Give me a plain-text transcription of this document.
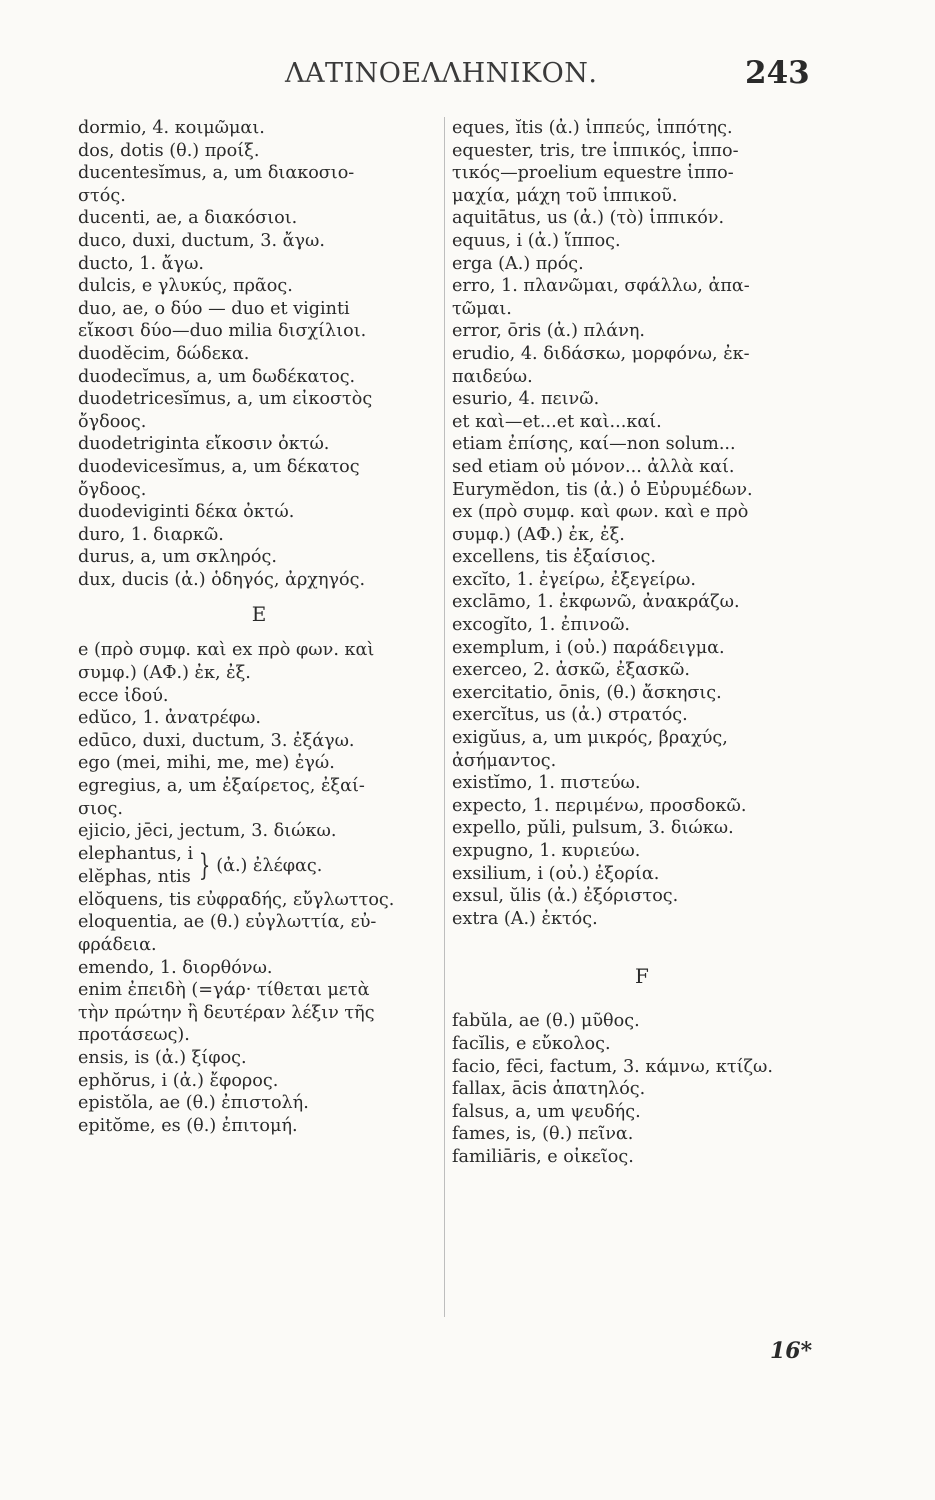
ΛΑΤΙΝΟΕΛΛΗΝΙΚΟΝ.	243
dormio, 4. κοιμῶμαι.
dos, dotis (θ.) προίξ.
ducentesĭmus, a, um διακοσιο-
στός.
ducenti, ae, a διακόσιοι.
duco, duxi, ductum, 3. ἄγω.
ducto, 1. ἄγω.
dulcis, e γλυκύς, πρᾶος.
duo, ae, o δύο — duo et viginti
εἴκοσι δύο—duo milia δισχίλιοι.
duodĕcim, δώδεκα.
duodecĭmus, a, um δωδέκατος.
duodetricesĭmus, a, um εἰκοστὸς
ὄγδοος.
duodetriginta εἴκοσιν ὀκτώ.
duodevicesĭmus, a, um δέκατος
ὄγδοος.
duodeviginti δέκα ὀκτώ.
duro, 1. διαρκῶ.
durus, a, um σκληρός.
dux, ducis (ἀ.) ὁδηγός, ἀρχηγός.
E
e (πρὸ συμφ. καὶ ex πρὸ φων. καὶ
συμφ.) (ΑΦ.) ἐκ, ἐξ.
ecce ἰδού.
edŭco, 1. ἀνατρέφω.
edūco, duxi, ductum, 3. ἐξάγω.
ego (mei, mihi, me, me) ἐγώ.
egregius, a, um ἐξαίρετος, ἐξαί-
σιος.
ejicio, jēci, jectum, 3. διώκω.
elephantus, i
elĕphas, ntis } (ἀ.) ἐλέφας.
elŏquens, tis εὐφραδής, εὔγλωττος.
eloquentia, ae (θ.) εὐγλωττία, εὐ-
φράδεια.
emendo, 1. διορθόνω.
enim ἐπειδὴ (=γάρ· τίθεται μετὰ
τὴν πρώτην ἢ δευτέραν λέξιν τῆς
προτάσεως).
ensis, is (ἀ.) ξίφος.
ephŏrus, i (ἀ.) ἔφορος.
epistŏla, ae (θ.) ἐπιστολή.
epitŏme, es (θ.) ἐπιτομή.
eques, ĭtis (ἀ.) ἱππεύς, ἱππότης.
equester, tris, tre ἱππικός, ἱππο-
τικός—proelium equestre ἱππο-
μαχία, μάχη τοῦ ἱππικοῦ.
aquitātus, us (ἀ.) (τὸ) ἱππικόν.
equus, i (ἀ.) ἵππος.
erga (Α.) πρός.
erro, 1. πλανῶμαι, σφάλλω, ἀπα-
τῶμαι.
error, ōris (ἀ.) πλάνη.
erudio, 4. διδάσκω, μορφόνω, ἐκ-
παιδεύω.
esurio, 4. πεινῶ.
et καὶ—et...et καὶ...καί.
etiam ἐπίσης, καί—non solum...
sed etiam οὐ μόνον... ἀλλὰ καί.
Eurymĕdon, tis (ἀ.) ὁ Εὐρυμέδων.
ex (πρὸ συμφ. καὶ φων. καὶ e πρὸ
συμφ.) (ΑΦ.) ἐκ, ἐξ.
excellens, tis ἐξαίσιος.
excĭto, 1. ἐγείρω, ἐξεγείρω.
exclāmo, 1. ἐκφωνῶ, ἀνακράζω.
excogĭto, 1. ἐπινοῶ.
exemplum, i (οὐ.) παράδειγμα.
exerceo, 2. ἀσκῶ, ἐξασκῶ.
exercitatio, ōnis, (θ.) ἄσκησις.
exercĭtus, us (ἀ.) στρατός.
exigŭus, a, um μικρός, βραχύς,
ἀσήμαντος.
existĭmo, 1. πιστεύω.
expecto, 1. περιμένω, προσδοκῶ.
expello, pŭli, pulsum, 3. διώκω.
expugno, 1. κυριεύω.
exsilium, i (οὐ.) ἐξορία.
exsul, ŭlis (ἀ.) ἐξόριστος.
extra (Α.) ἐκτός.
F
fabŭla, ae (θ.) μῦθος.
facĭlis, e εὔκολος.
facio, fēci, factum, 3. κάμνω, κτίζω.
fallax, ācis ἀπατηλός.
falsus, a, um ψευδής.
fames, is, (θ.) πεῖνα.
familiāris, e οἰκεῖος.
16*
